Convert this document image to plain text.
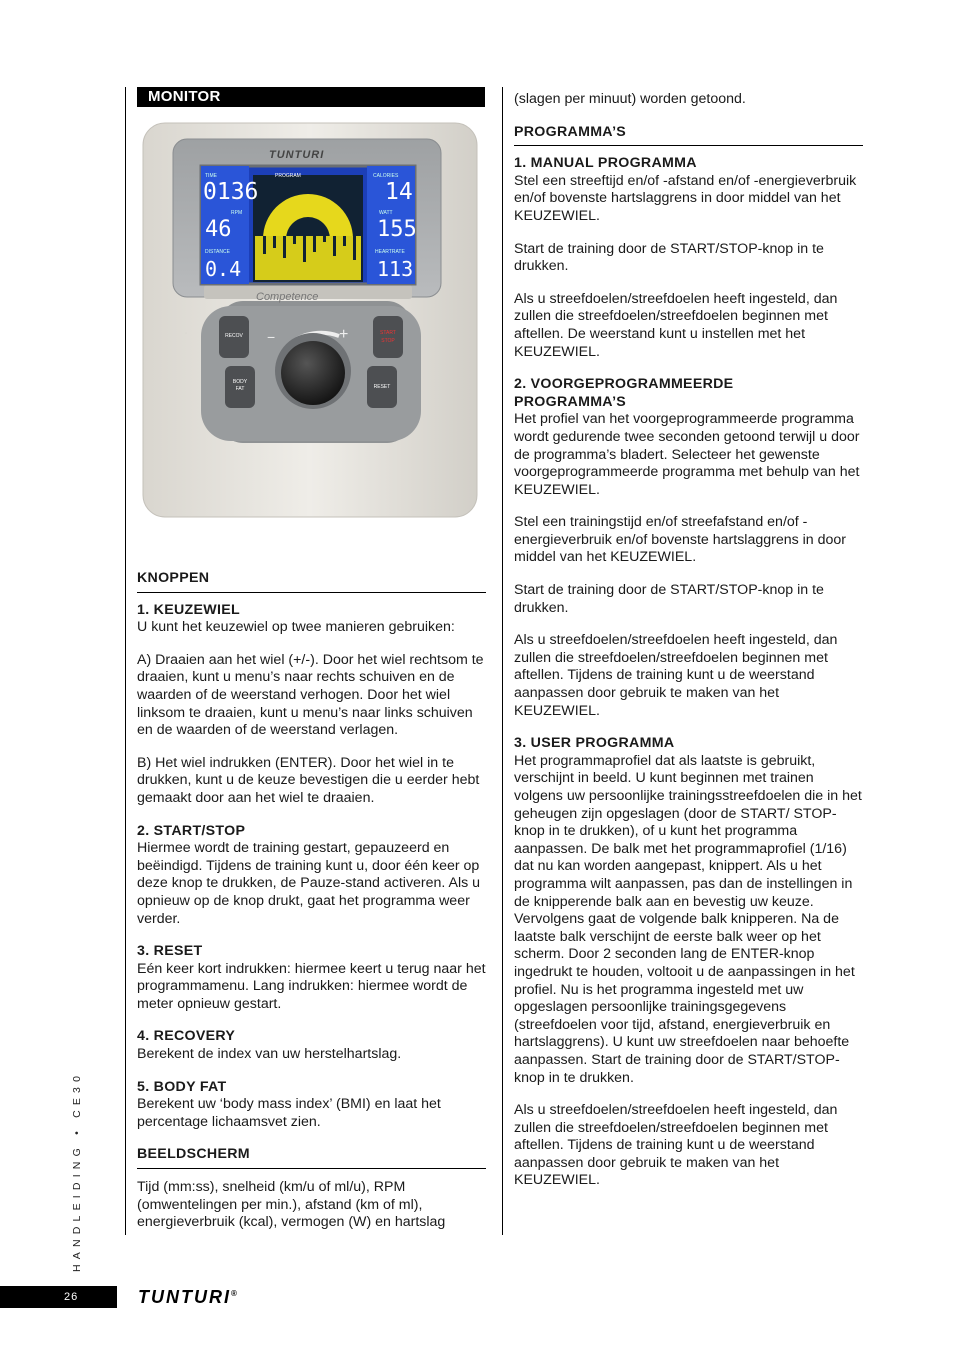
MONITOR
TUNTURI
Competence
TIME
0136
RPM
46
DISTANCE
0.4
PROGRAM	CALORIES
14
WATT
155
HEARTRATE
113
RECOV
BODY FAT
START STOP
RESET
−	+
KNOPPEN
1. KEUZEWIEL

U kunt het keuzewiel op twee manieren gebruiken:

A) Draaien aan het wiel (+/-). Door het wiel rechtsom te draaien, kunt u menu’s naar rechts schuiven en de waarden of de weerstand verhogen. Door het wiel linksom te draaien, kunt u menu’s naar links schuiven en de waarden of de weerstand verlagen.

B) Het wiel indrukken (ENTER). Door het wiel in te drukken, kunt u de keuze bevestigen die u eerder hebt gemaakt door aan het wiel te draaien.

2. START/STOP

Hiermee wordt de training gestart, gepauzeerd en beëindigd. Tijdens de training kunt u, door één keer op deze knop te drukken, de Pauze-stand activeren. Als u opnieuw op de knop drukt, gaat het programma weer verder.

3. RESET

Eén keer kort indrukken: hiermee keert u terug naar het programmamenu. Lang indrukken: hiermee wordt de meter opnieuw gestart.

4. RECOVERY

Berekent de index van uw herstelhartslag.

5. BODY FAT

Berekent uw ‘body mass index’ (BMI) en laat het percentage lichaamsvet zien.

BEELDSCHERM

Tijd (mm:ss), snelheid (km/u of ml/u), RPM (omwentelingen per min.), afstand (km of ml), energieverbruik (kcal), vermogen (W) en hartslag

(slagen per minuut) worden getoond.

PROGRAMMA’S
1. MANUAL PROGRAMMA

Stel een streeftijd en/of -afstand en/of -energieverbruik en/of bovenste hartslaggrens in door middel van het KEUZEWIEL.

Start de training door de START/STOP-knop in te drukken.

Als u streefdoelen/streefdoelen heeft ingesteld, dan zullen die streefdoelen/streefdoelen beginnen met aftellen. De weerstand kunt u instellen met het KEUZEWIEL.

2. VOORGEPROGRAMMEERDE
PROGRAMMA’S

Het profiel van het voorgeprogrammeerde programma wordt gedurende twee seconden getoond terwijl u door de programma’s bladert. Selecteer het gewenste voorgeprogrammeerde programma met behulp van het KEUZEWIEL.

Stel een trainingstijd en/of streefafstand en/of -energieverbruik en/of bovenste hartslaggrens in door middel van het KEUZEWIEL.

Start de training door de START/STOP-knop in te drukken.

Als u streefdoelen/streefdoelen heeft ingesteld, dan zullen die streefdoelen/streefdoelen beginnen met aftellen. Tijdens de training kunt u de weerstand aanpassen door gebruik te maken van het KEUZEWIEL.

3. USER PROGRAMMA

Het programmaprofiel dat als laatste is gebruikt, verschijnt in beeld. U kunt beginnen met trainen volgens uw persoonlijke trainingsstreefdoelen die in het geheugen zijn opgeslagen (door de START/ STOP-knop in te drukken), of u kunt het programma aanpassen. De balk met het programmaprofiel (1/16) dat nu kan worden aangepast, knippert. Als u het programma wilt aanpassen, pas dan de instellingen in de knipperende balk aan en bevestig uw keuze. Vervolgens gaat de volgende balk knipperen. Na de laatste balk verschijnt de eerste balk weer op het scherm. Door 2 seconden lang de ENTER-knop ingedrukt te houden, voltooit u de aanpassingen in het profiel. Nu is het programma ingesteld met uw opgeslagen persoonlijke trainingsgegevens (streefdoelen voor tijd, afstand, energieverbruik en hartslaggrens). U kunt uw streefdoelen naar behoefte aanpassen. Start de training door de START/STOP-knop in te drukken.

Als u streefdoelen/streefdoelen heeft ingesteld, dan zullen die streefdoelen/streefdoelen beginnen met aftellen. Tijdens de training kunt u de weerstand aanpassen door gebruik te maken van het KEUZEWIEL.

HANDLEIDING • CE30
26	TUNTURI®
